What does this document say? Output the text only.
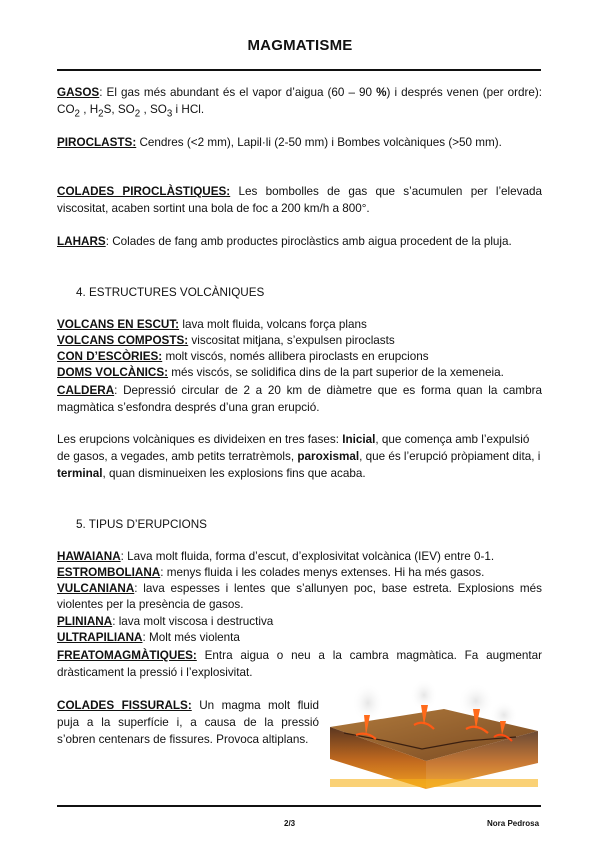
MAGMATISME

GASOS: El gas més abundant és el vapor d’aigua (60 – 90 %) i després venen (per ordre): $CO_2$ , $H_2S$, $SO_2$ , $SO_3$ i HCl.

PIROCLASTS: Cendres (<2 mm), Lapil·li (2-50 mm) i Bombes volcàniques (>50 mm).

COLADES PIROCLÀSTIQUES: Les bombolles de gas que s’acumulen per l’elevada viscositat, acaben sortint una bola de foc a 200 km/h a 800°.

LAHARS: Colades de fang amb productes piroclàstics amb aigua procedent de la pluja.

4. ESTRUCTURES VOLCÀNIQUES
VOLCANS EN ESCUT: lava molt fluida, volcans força plans
VOLCANS COMPOSTS: viscositat mitjana, s’expulsen piroclasts
CON D’ESCÒRIES: molt viscós, només allibera piroclasts en erupcions
DOMS VOLCÀNICS: més viscós, se solidifica dins de la part superior de la xemeneia.

CALDERA: Depressió circular de 2 a 20 km de diàmetre que es forma quan la cambra magmàtica s’esfondra després d’una gran erupció.

Les erupcions volcàniques es divideixen en tres fases: Inicial, que comença amb l’expulsió de gasos, a vegades, amb petits terratrèmols, paroxismal, que és l’erupció pròpiament dita, i terminal, quan disminueixen les explosions fins que acaba.

5. TIPUS D’ERUPCIONS
HAWAIANA: Lava molt fluida, forma d’escut, d’explosivitat volcànica (IEV) entre 0-1.
ESTROMBOLIANA: menys fluida i les colades menys extenses. Hi ha més gasos.

VULCANIANA: lava espesses i lentes que s’allunyen poc, base estreta. Explosions més violentes per la presència de gasos.

PLINIANA: lava molt viscosa i destructiva
ULTRAPILIANA: Molt més violenta

FREATOMAGMÀTIQUES: Entra aigua o neu a la cambra magmàtica. Fa augmentar dràsticament la pressió i l’explosivitat.

COLADES FISSURALS: Un magma molt fluid puja a la superfície i, a causa de la pressió s’obren centenars de fissures. Provoca altiplans.

2/3	Nora Pedrosa
